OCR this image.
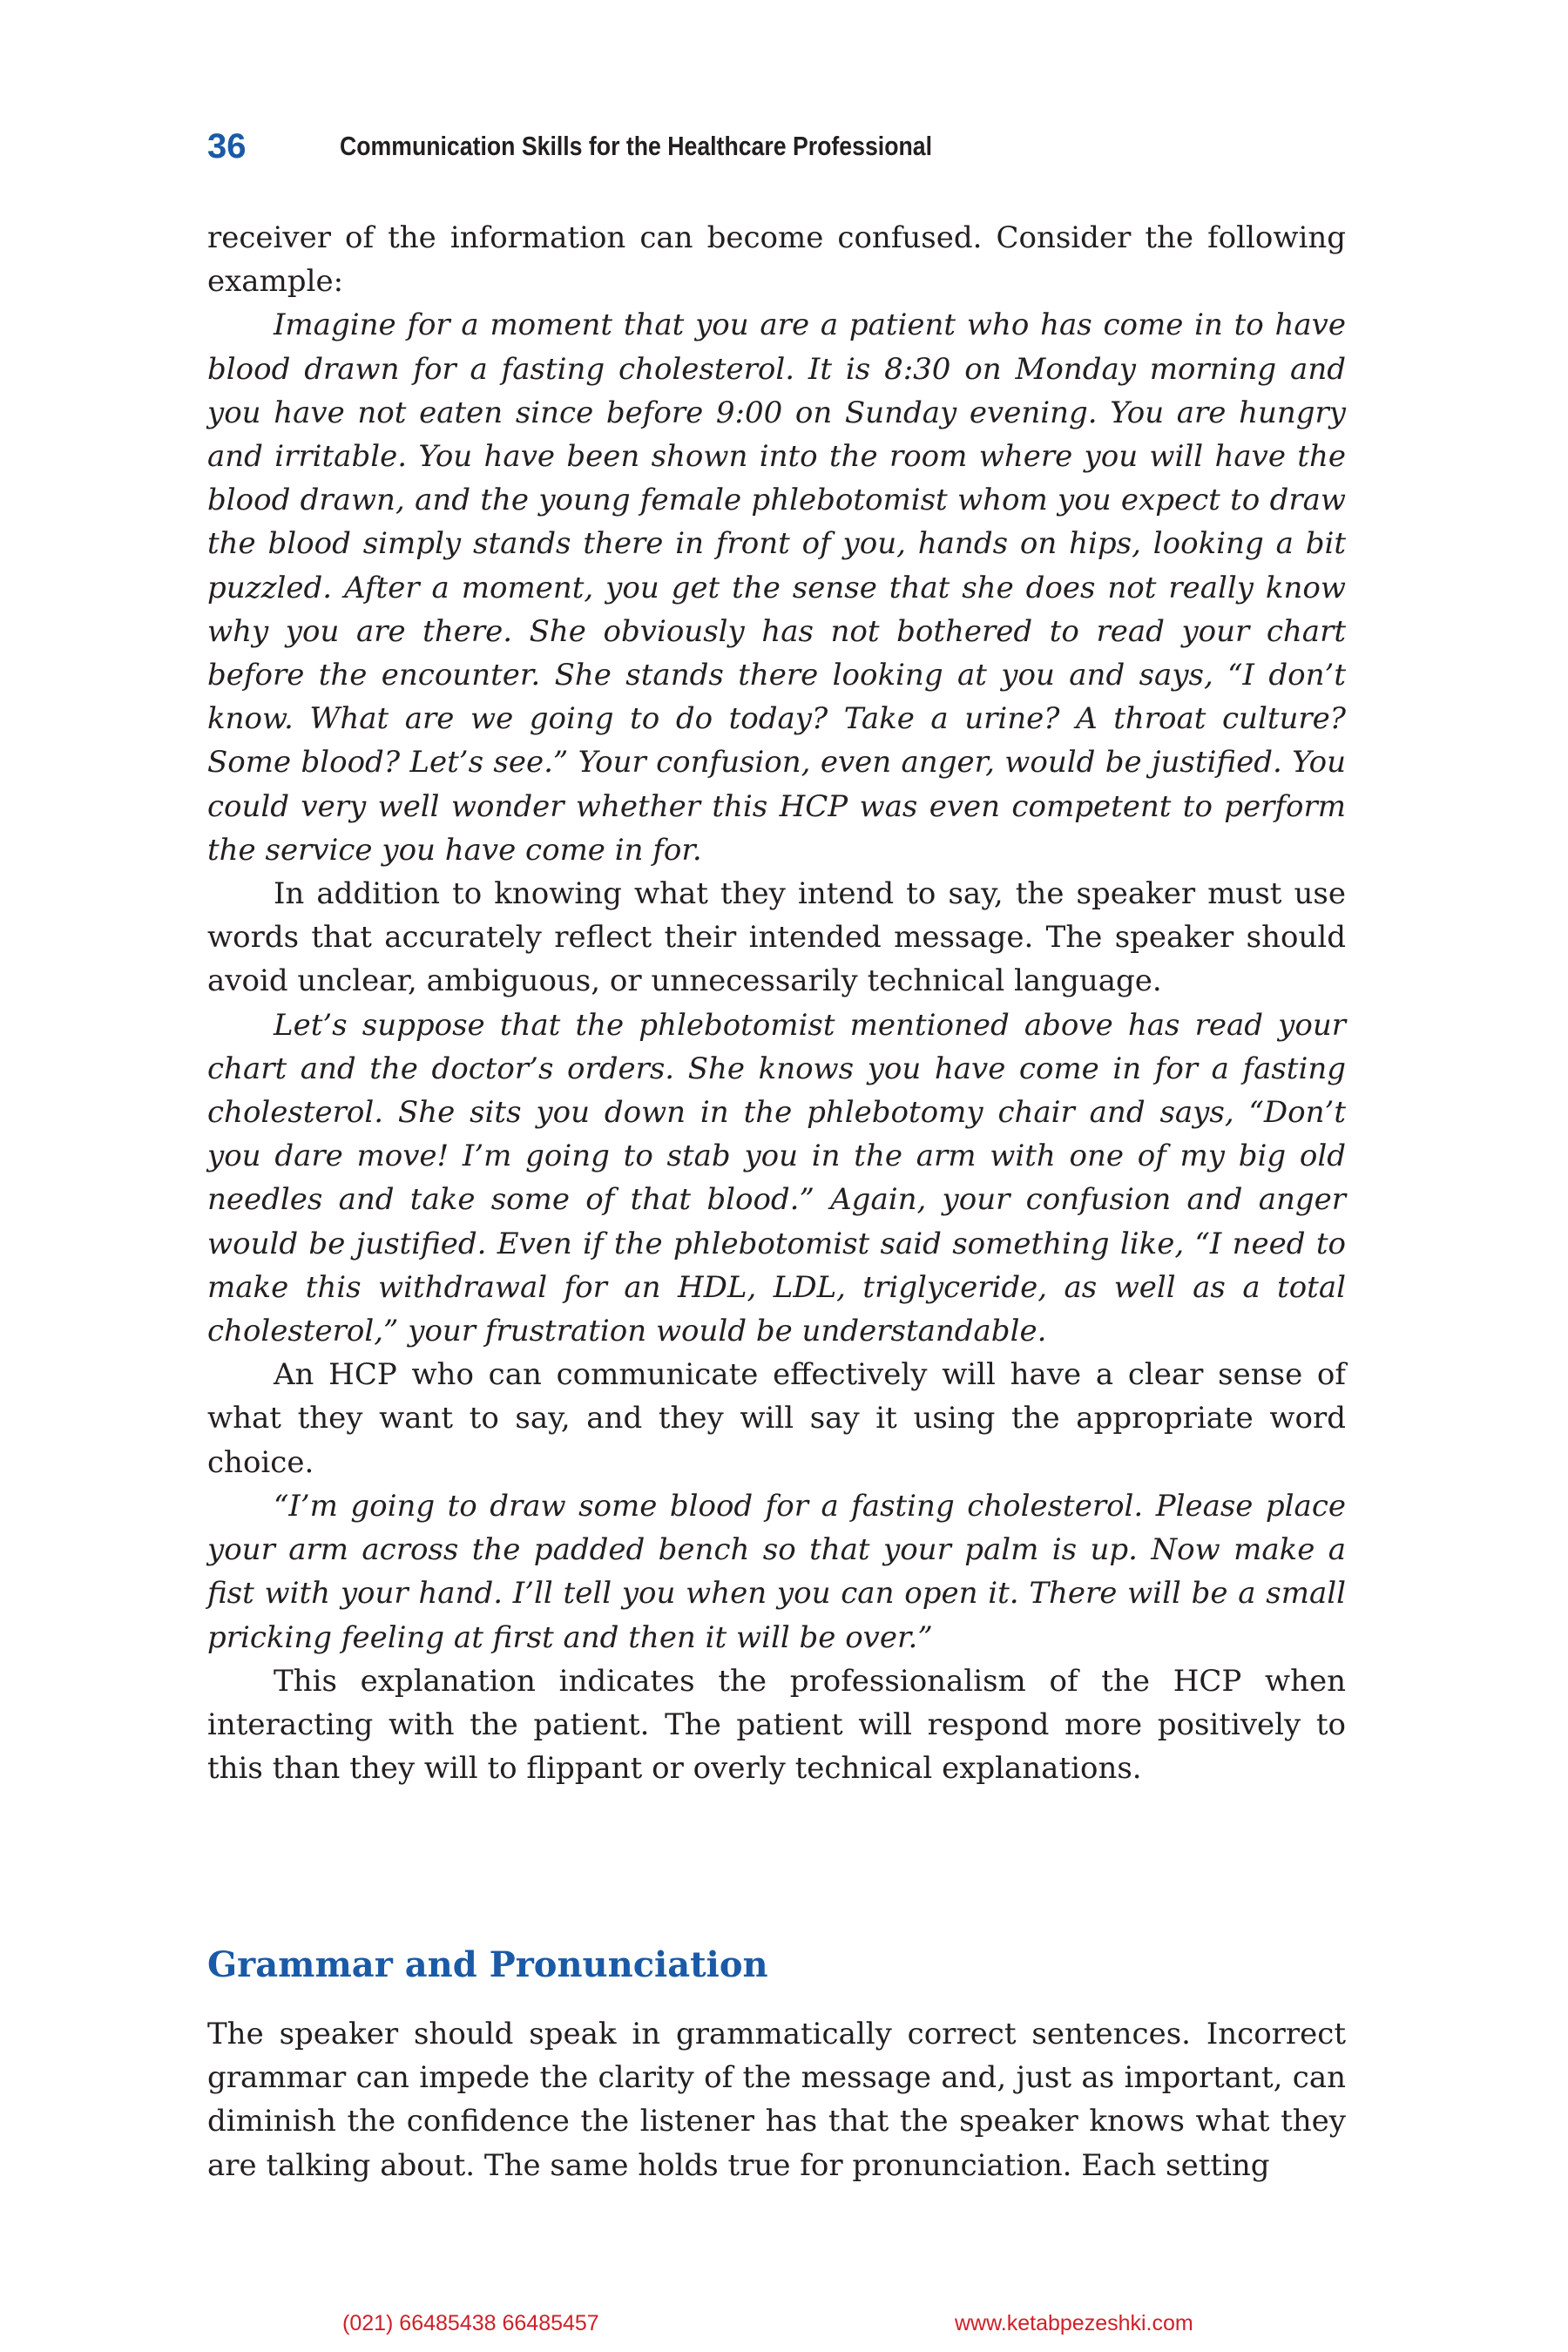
36	Communication Skills for the Healthcare Professional

receiver of the information can become confused. Consider the following example:

Imagine for a moment that you are a patient who has come in to have blood drawn for a fasting cholesterol. It is 8:30 on Monday morning and you have not eaten since before 9:00 on Sunday evening. You are hungry and irritable. You have been shown into the room where you will have the blood drawn, and the young female phlebotomist whom you expect to draw the blood simply stands there in front of you, hands on hips, looking a bit puzzled. After a moment, you get the sense that she does not really know why you are there. She obviously has not bothered to read your chart before the encounter. She stands there looking at you and says, “I don’t know. What are we going to do today? Take a urine? A throat culture? Some blood? Let’s see.” Your confusion, even anger, would be justified. You could very well wonder whether this HCP was even competent to perform the service you have come in for.

In addition to knowing what they intend to say, the speaker must use words that accurately reflect their intended message. The speaker should avoid unclear, ambiguous, or unnecessarily technical language.

Let’s suppose that the phlebotomist mentioned above has read your chart and the doctor’s orders. She knows you have come in for a fasting cholesterol. She sits you down in the phlebotomy chair and says, “Don’t you dare move! I’m going to stab you in the arm with one of my big old needles and take some of that blood.” Again, your confusion and anger would be justified. Even if the phlebotomist said something like, “I need to make this withdrawal for an HDL, LDL, triglyceride, as well as a total cholesterol,” your frustration would be understandable.

An HCP who can communicate effectively will have a clear sense of what they want to say, and they will say it using the appropriate word choice.

“I’m going to draw some blood for a fasting cholesterol. Please place your arm across the padded bench so that your palm is up. Now make a fist with your hand. I’ll tell you when you can open it. There will be a small pricking feeling at first and then it will be over.”

This explanation indicates the professionalism of the HCP when interacting with the patient. The patient will respond more positively to this than they will to flippant or overly technical explanations.

Grammar and Pronunciation

The speaker should speak in grammatically correct sentences. Incorrect grammar can impede the clarity of the message and, just as important, can diminish the confidence the listener has that the speaker knows what they are talking about. The same holds true for pronunciation. Each setting

(021) 66485438 66485457	www.ketabpezeshki.com
